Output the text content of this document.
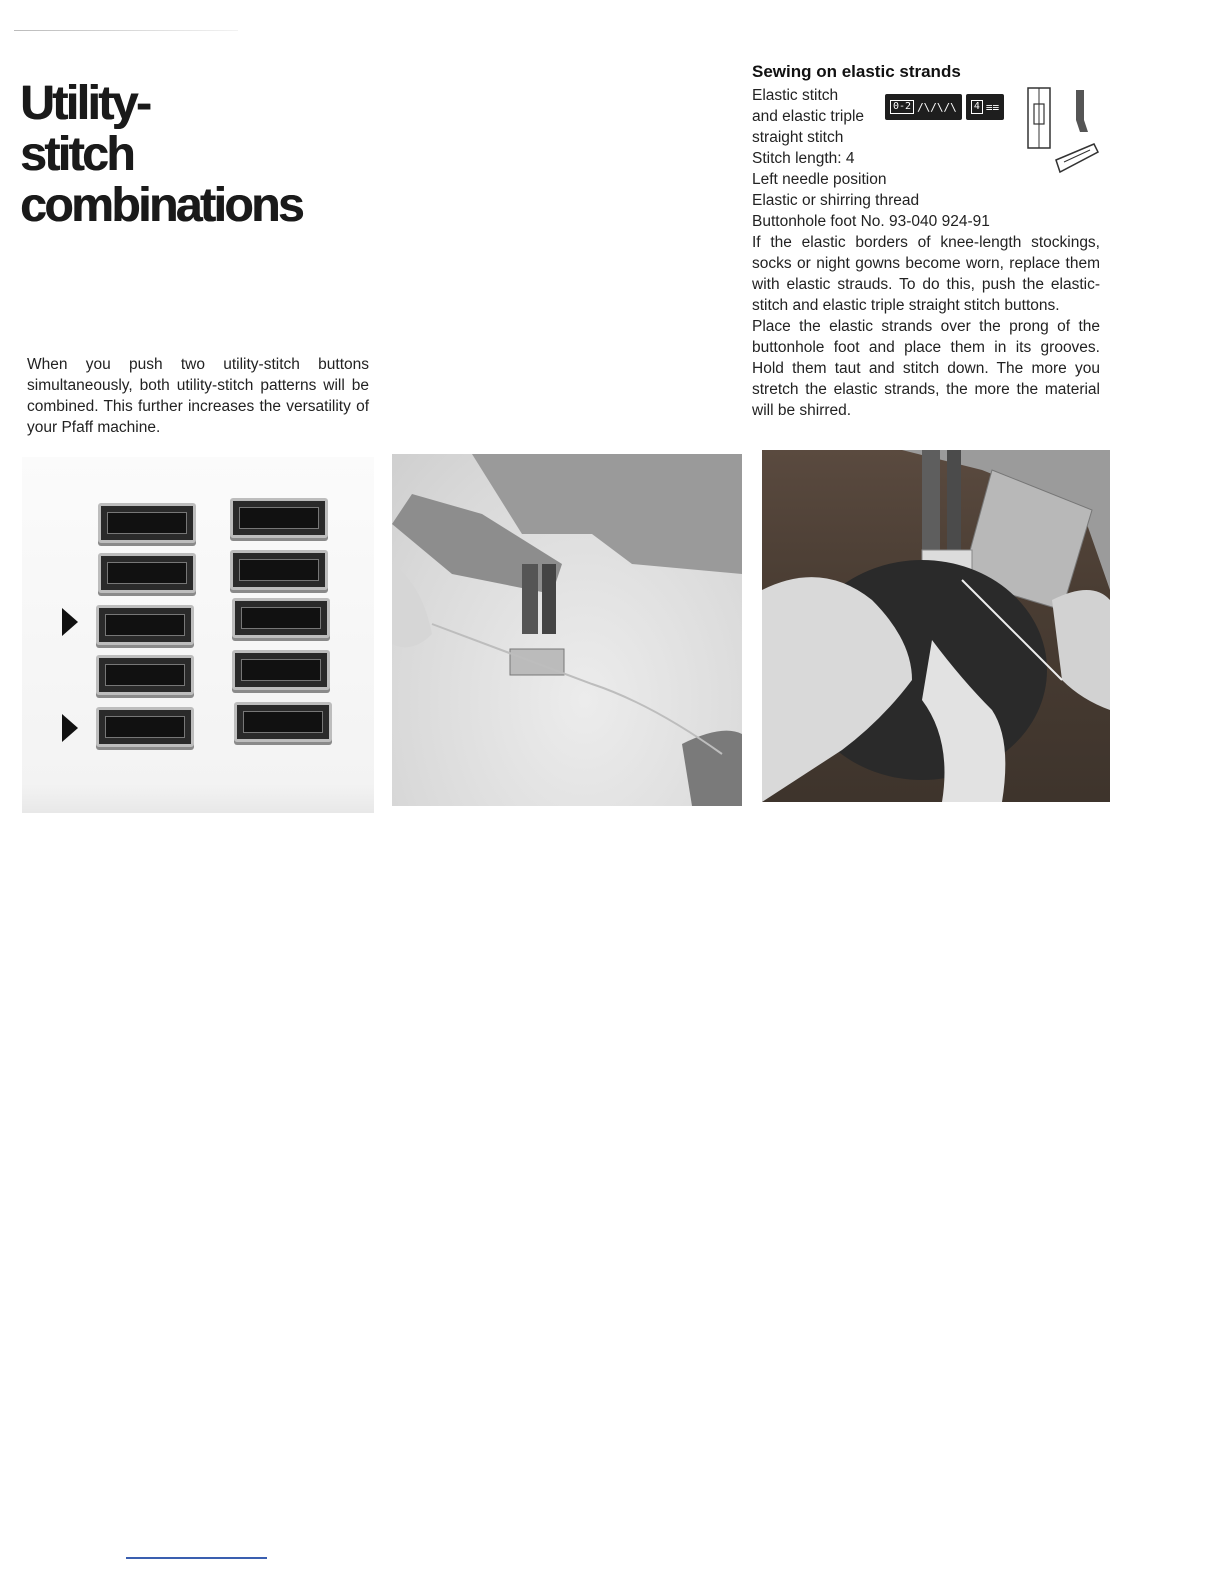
Utility-
stitch
combinations

When you push two utility-stitch buttons simultaneously, both utility-stitch patterns will be combined. This further increases the versatility of your Pfaff machine.

Sewing on elastic strands

Elastic stitch

and elastic triple

straight stitch

Stitch length: 4

Left needle position

Elastic or shirring thread

Buttonhole foot No. 93-040 924-91

If the elastic borders of knee-length stockings, socks or night gowns become worn, replace them with elastic strauds. To do this, push the elastic-stitch and elastic triple straight stitch buttons.

Place the elastic strands over the prong of the buttonhole foot and place them in its grooves. Hold them taut and stitch down. The more you stretch the elastic strands, the more the material will be shirred.

0-2 /\/\/\	4 ≡≡
